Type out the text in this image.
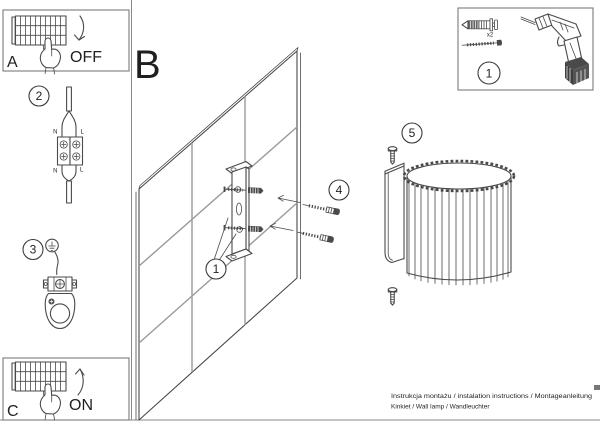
OFF
A
2
N	L
N	L
3
ON
C
B
1
4
5
x2
1
Instrukcja montażu / instalation instructions / Montageanleitung
Kinkiet / Wall lamp / Wandleuchter
